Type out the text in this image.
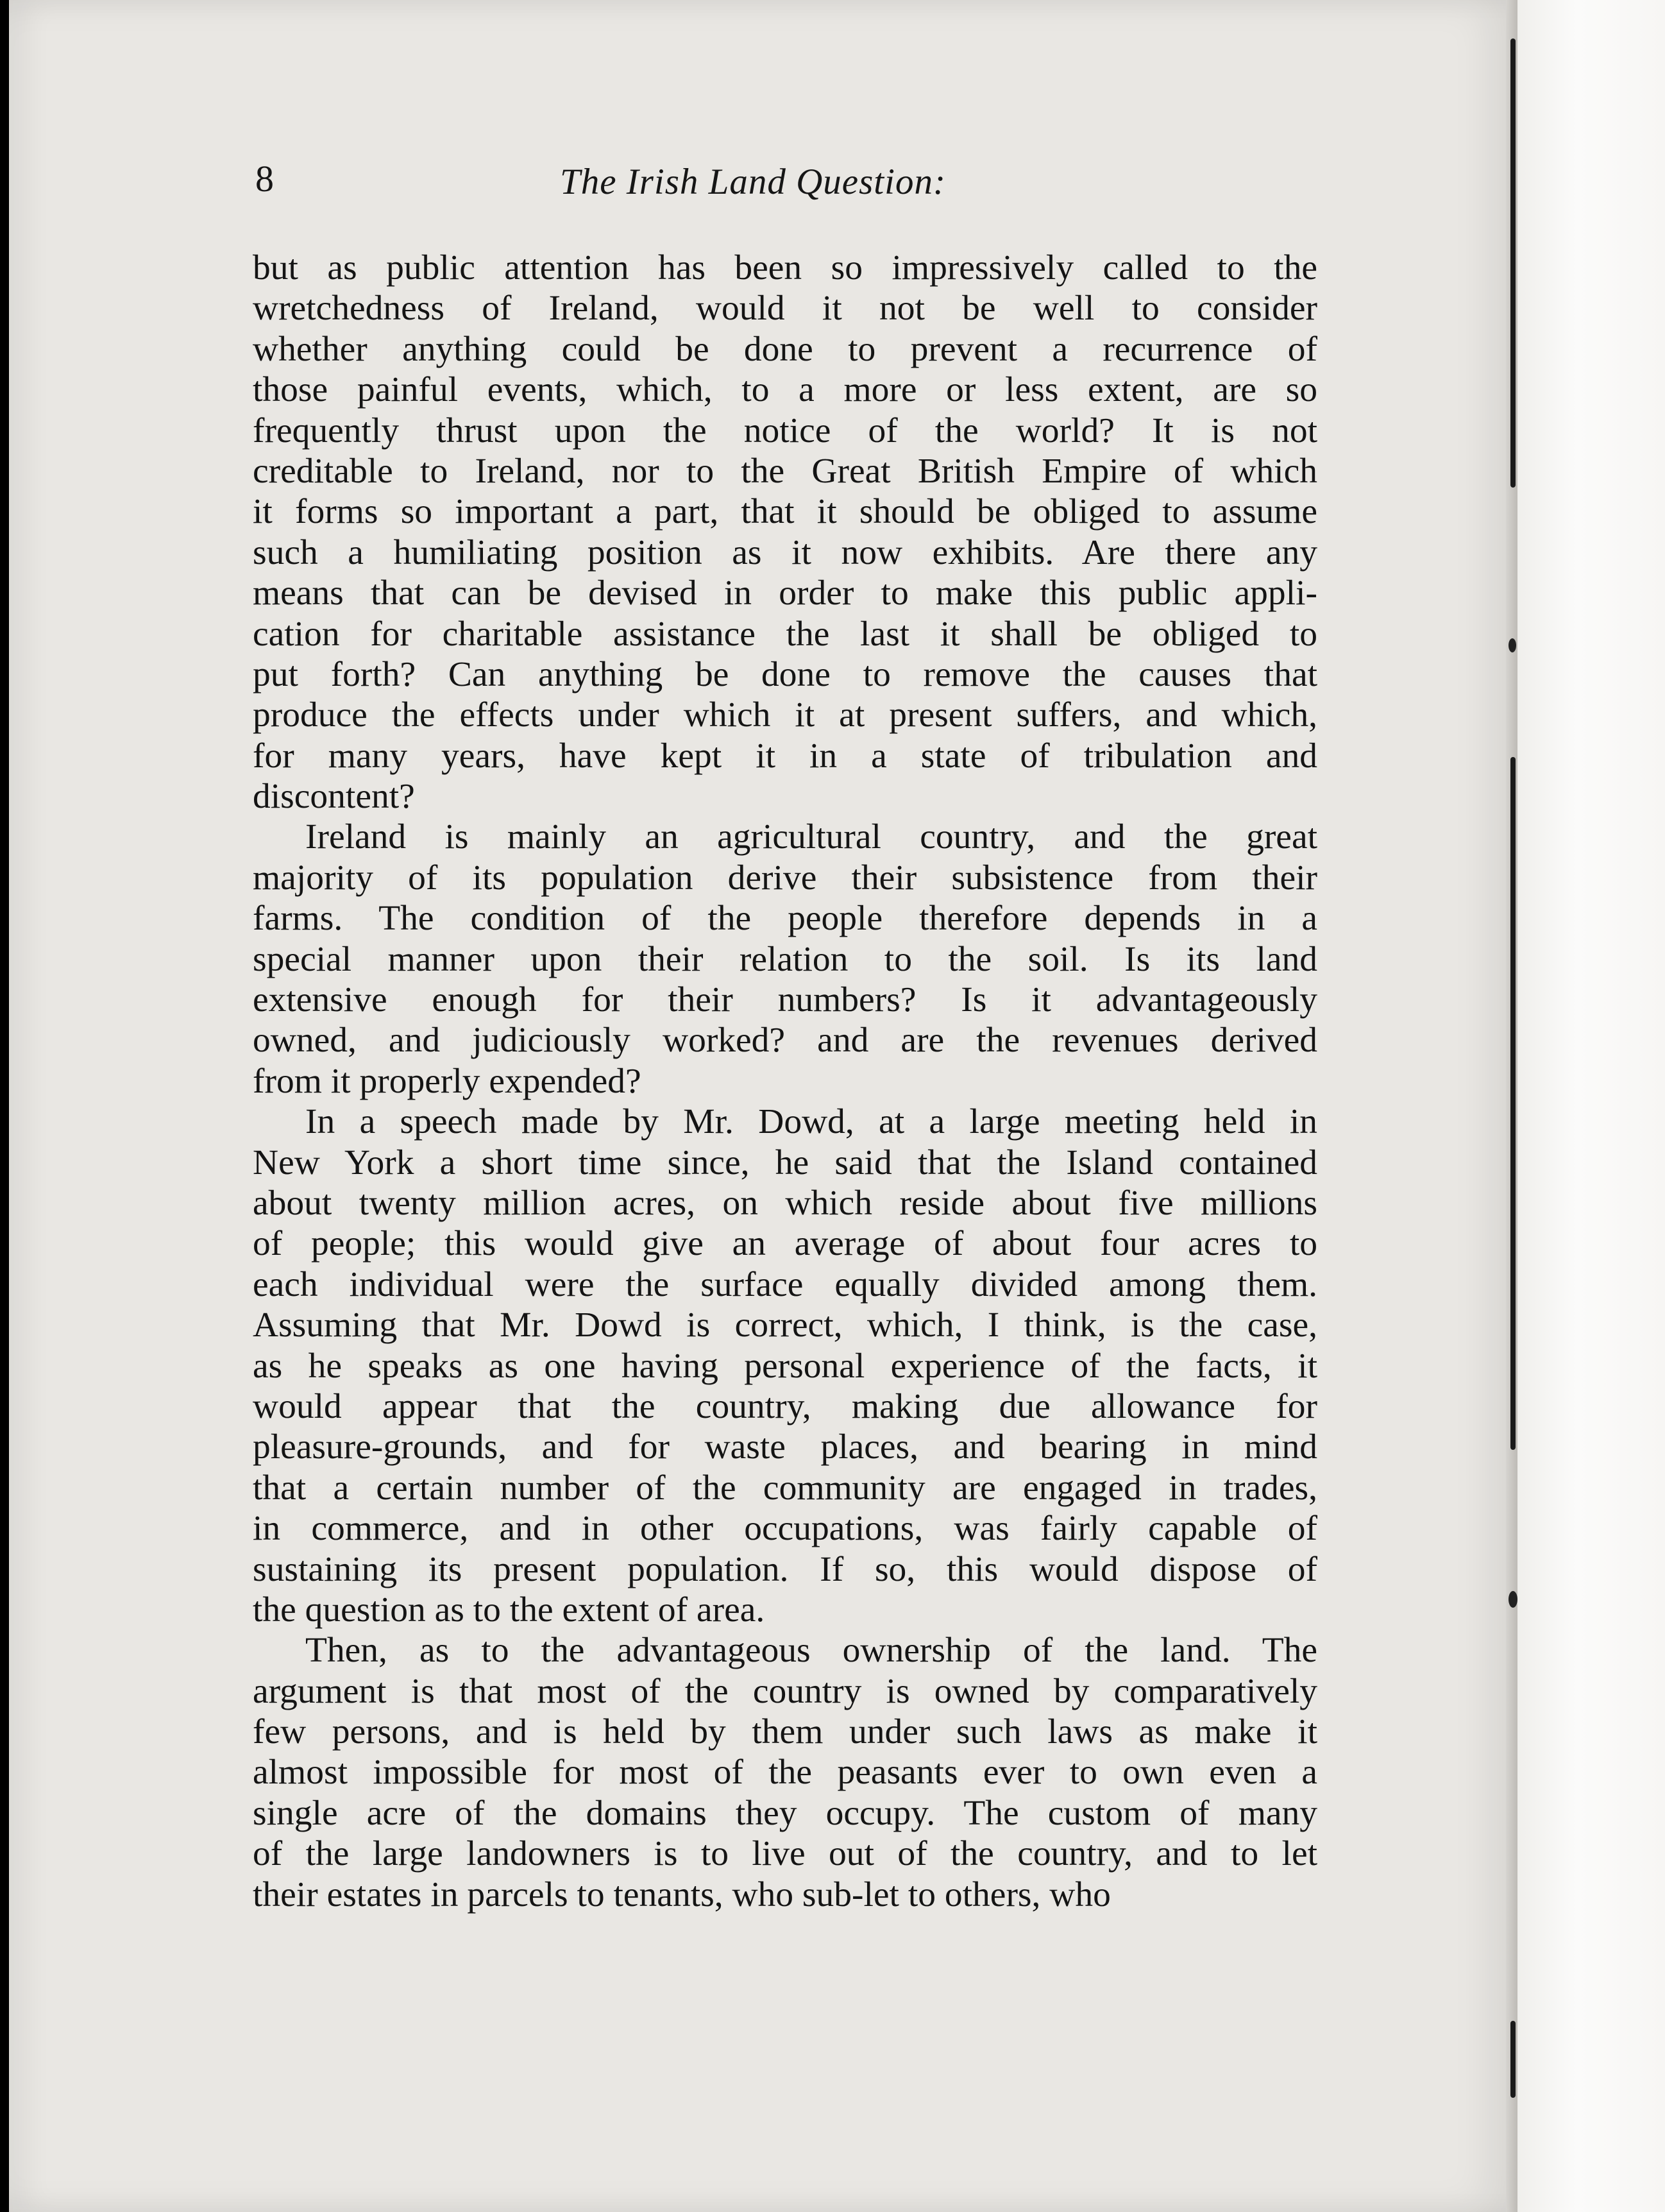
8	The Irish Land Question:
but as public attention has been so impressively called to the
wretchedness of Ireland, would it not be well to consider
whether anything could be done to prevent a recurrence of
those painful events, which, to a more or less extent, are so
frequently thrust upon the notice of the world? It is not
creditable to Ireland, nor to the Great British Empire of which
it forms so important a part, that it should be obliged to assume
such a humiliating position as it now exhibits. Are there any
means that can be devised in order to make this public appli-
cation for charitable assistance the last it shall be obliged to
put forth? Can anything be done to remove the causes that
produce the effects under which it at present suffers, and which,
for many years, have kept it in a state of tribulation and
discontent?
Ireland is mainly an agricultural country, and the great
majority of its population derive their subsistence from their
farms. The condition of the people therefore depends in a
special manner upon their relation to the soil. Is its land
extensive enough for their numbers? Is it advantageously
owned, and judiciously worked? and are the revenues derived
from it properly expended?
In a speech made by Mr. Dowd, at a large meeting held in
New York a short time since, he said that the Island contained
about twenty million acres, on which reside about five millions
of people; this would give an average of about four acres to
each individual were the surface equally divided among them.
Assuming that Mr. Dowd is correct, which, I think, is the case,
as he speaks as one having personal experience of the facts, it
would appear that the country, making due allowance for
pleasure-grounds, and for waste places, and bearing in mind
that a certain number of the community are engaged in trades,
in commerce, and in other occupations, was fairly capable of
sustaining its present population. If so, this would dispose of
the question as to the extent of area.
Then, as to the advantageous ownership of the land. The
argument is that most of the country is owned by comparatively
few persons, and is held by them under such laws as make it
almost impossible for most of the peasants ever to own even a
single acre of the domains they occupy. The custom of many
of the large landowners is to live out of the country, and to let
their estates in parcels to tenants, who sub-let to others, who
